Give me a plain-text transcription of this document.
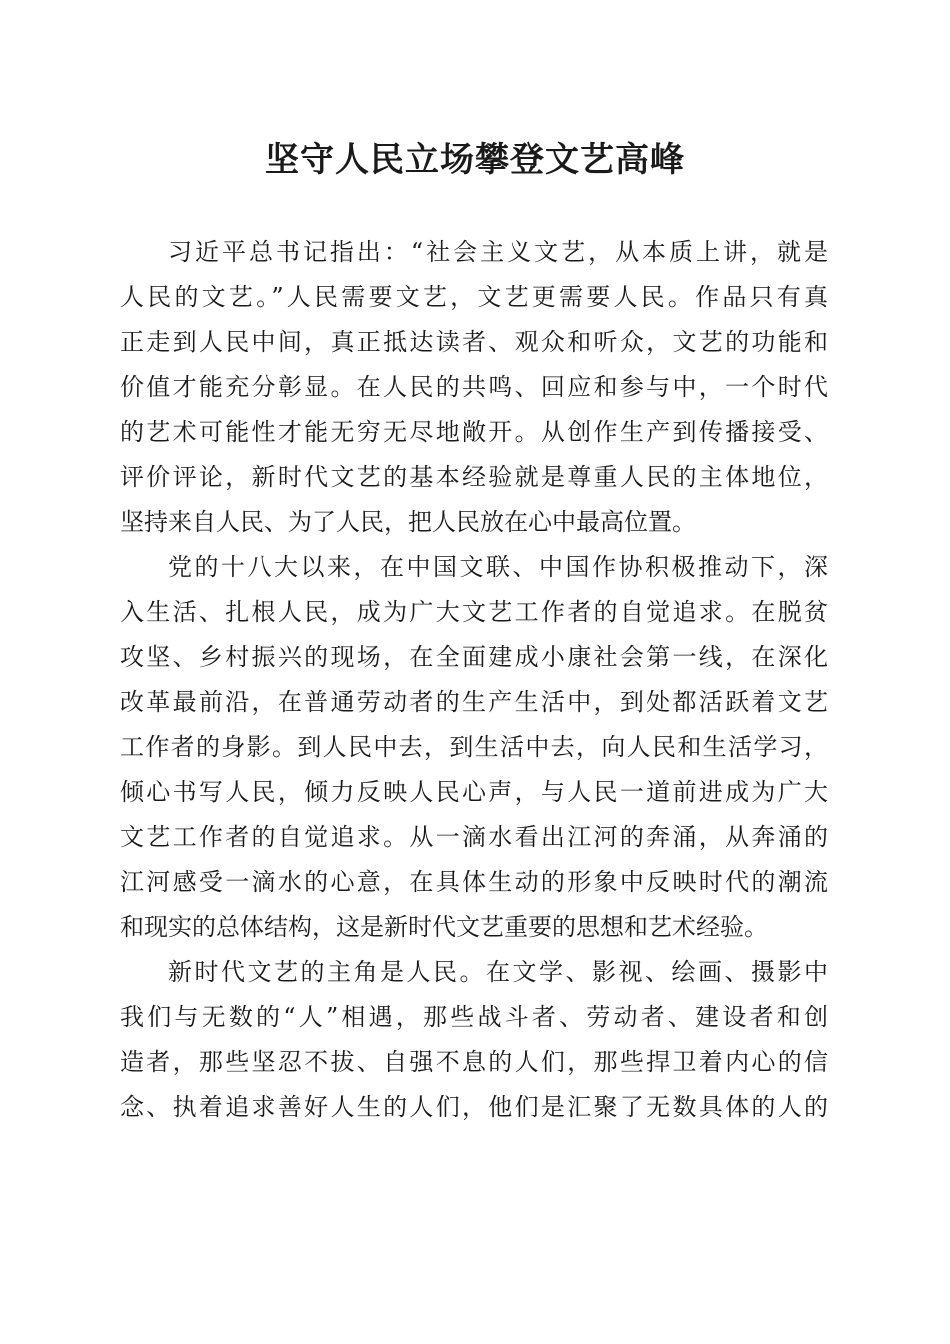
坚守人民立场攀登文艺高峰
习近平总书记指出：“社会主义文艺，从本质上讲，就是
人民的文艺。”人民需要文艺，文艺更需要人民。作品只有真
正走到人民中间，真正抵达读者、观众和听众，文艺的功能和
价值才能充分彰显。在人民的共鸣、回应和参与中，一个时代
的艺术可能性才能无穷无尽地敞开。从创作生产到传播接受、
评价评论，新时代文艺的基本经验就是尊重人民的主体地位，
坚持来自人民、为了人民，把人民放在心中最高位置。
党的十八大以来，在中国文联、中国作协积极推动下，深
入生活、扎根人民，成为广大文艺工作者的自觉追求。在脱贫
攻坚、乡村振兴的现场，在全面建成小康社会第一线，在深化
改革最前沿，在普通劳动者的生产生活中，到处都活跃着文艺
工作者的身影。到人民中去，到生活中去，向人民和生活学习，
倾心书写人民，倾力反映人民心声，与人民一道前进成为广大
文艺工作者的自觉追求。从一滴水看出江河的奔涌，从奔涌的
江河感受一滴水的心意，在具体生动的形象中反映时代的潮流
和现实的总体结构，这是新时代文艺重要的思想和艺术经验。
新时代文艺的主角是人民。在文学、影视、绘画、摄影中
我们与无数的“人”相遇，那些战斗者、劳动者、建设者和创
造者，那些坚忍不拔、自强不息的人们，那些捍卫着内心的信
念、执着追求善好人生的人们，他们是汇聚了无数具体的人的
